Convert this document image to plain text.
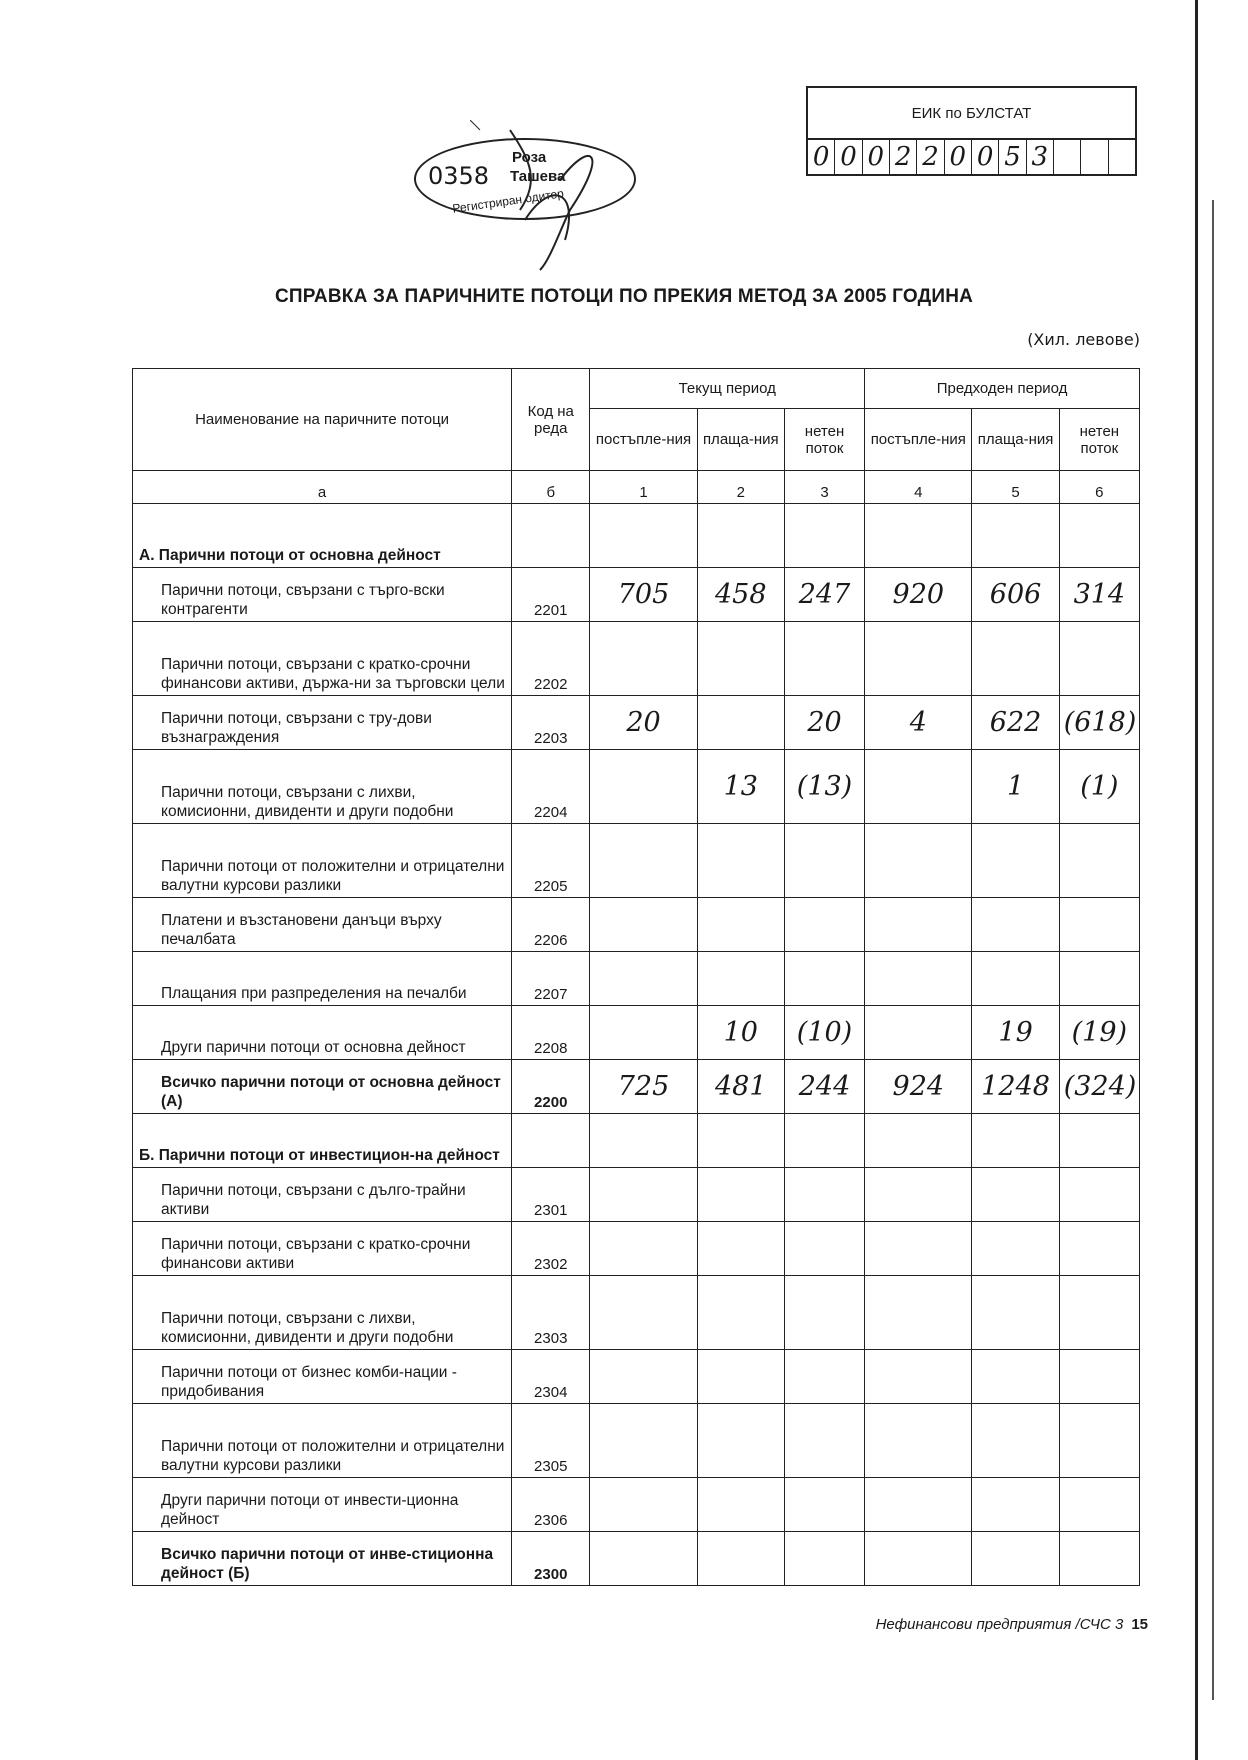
ЕИК по БУЛСТАТ
0 0 0 2 2 0 0 5 3
0358
Роза
Ташева
Регистриран одитор
СПРАВКА ЗА ПАРИЧНИТЕ ПОТОЦИ ПО ПРЕКИЯ МЕТОД ЗА 2005 ГОДИНА
(Хил. левове)
Наименование на паричните потоци	Код на реда	Текущ период			Предходен период		
		постъпле-ния	плаща-ния	нетен поток	постъпле-ния	плаща-ния	нетен поток
а	б	1	2	3	4	5	6
А. Парични потоци от основна дейност							
Парични потоци, свързани с търго-вски контрагенти	2201	705	458	247	920	606	314
Парични потоци, свързани с кратко-срочни финансови активи, държа-ни за търговски цели	2202						
Парични потоци, свързани с тру-дови възнаграждения	2203	20		20	4	622	(618)
Парични потоци, свързани с лихви, комисионни, дивиденти и други подобни	2204		13	(13)		1	(1)
Парични потоци от положителни и отрицателни валутни курсови разлики	2205						
Платени и възстановени данъци върху печалбата	2206						
Плащания при разпределения на печалби	2207						
Други парични потоци от основна дейност	2208		10	(10)		19	(19)
Всичко парични потоци от основна дейност (А)	2200	725	481	244	924	1248	(324)
Б. Парични потоци от инвестицион-на дейност							
Парични потоци, свързани с дълго-трайни активи	2301						
Парични потоци, свързани с кратко-срочни финансови активи	2302						
Парични потоци, свързани с лихви, комисионни, дивиденти и други подобни	2303						
Парични потоци от бизнес комби-нации - придобивания	2304						
Парични потоци от положителни и отрицателни валутни курсови разлики	2305						
Други парични потоци от инвести-ционна дейност	2306						
Всичко парични потоци от инве-стиционна дейност (Б)	2300						
Нефинансови предприятия /СЧС 3 15
